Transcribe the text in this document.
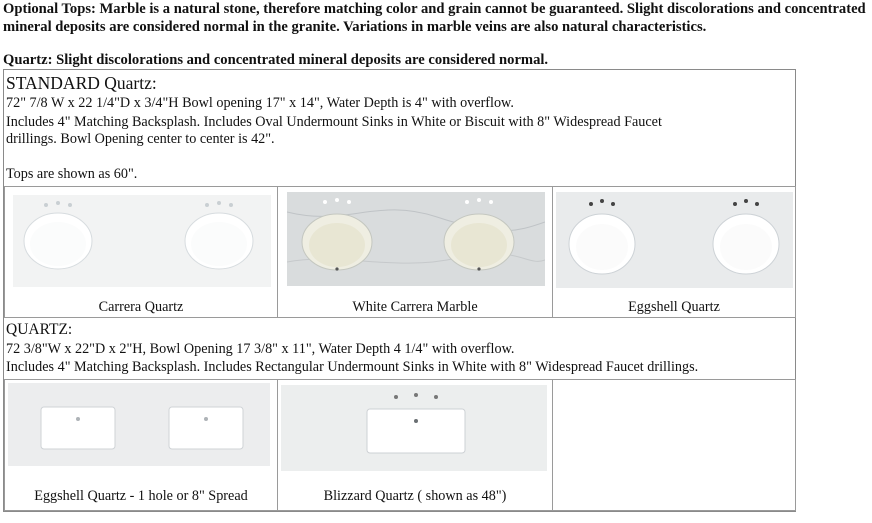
Optional Tops: Marble is a natural stone, therefore matching color and grain cannot be guaranteed. Slight discolorations and concentrated mineral deposits are considered normal in the granite. Variations in marble veins are also natural characteristics.

Quartz: Slight discolorations and concentrated mineral deposits are considered normal.
STANDARD Quartz:
72" 7/8 W x 22 1/4"D x 3/4"H Bowl opening 17" x 14", Water Depth is 4" with overflow.
Includes 4" Matching Backsplash. Includes Oval Undermount Sinks in White or Biscuit with 8" Widespread Faucet
drillings. Bowl Opening center to center is 42".
Tops are shown as 60".
Carrera Quartz	White Carrera Marble	Eggshell Quartz
QUARTZ:
72 3/8"W x 22"D x 2"H, Bowl Opening 17 3/8" x 11", Water Depth 4 1/4" with overflow.
Includes 4" Matching Backsplash. Includes Rectangular Undermount Sinks in White with 8" Widespread Faucet drillings.
Eggshell Quartz - 1 hole or 8" Spread	Blizzard Quartz ( shown as 48")
